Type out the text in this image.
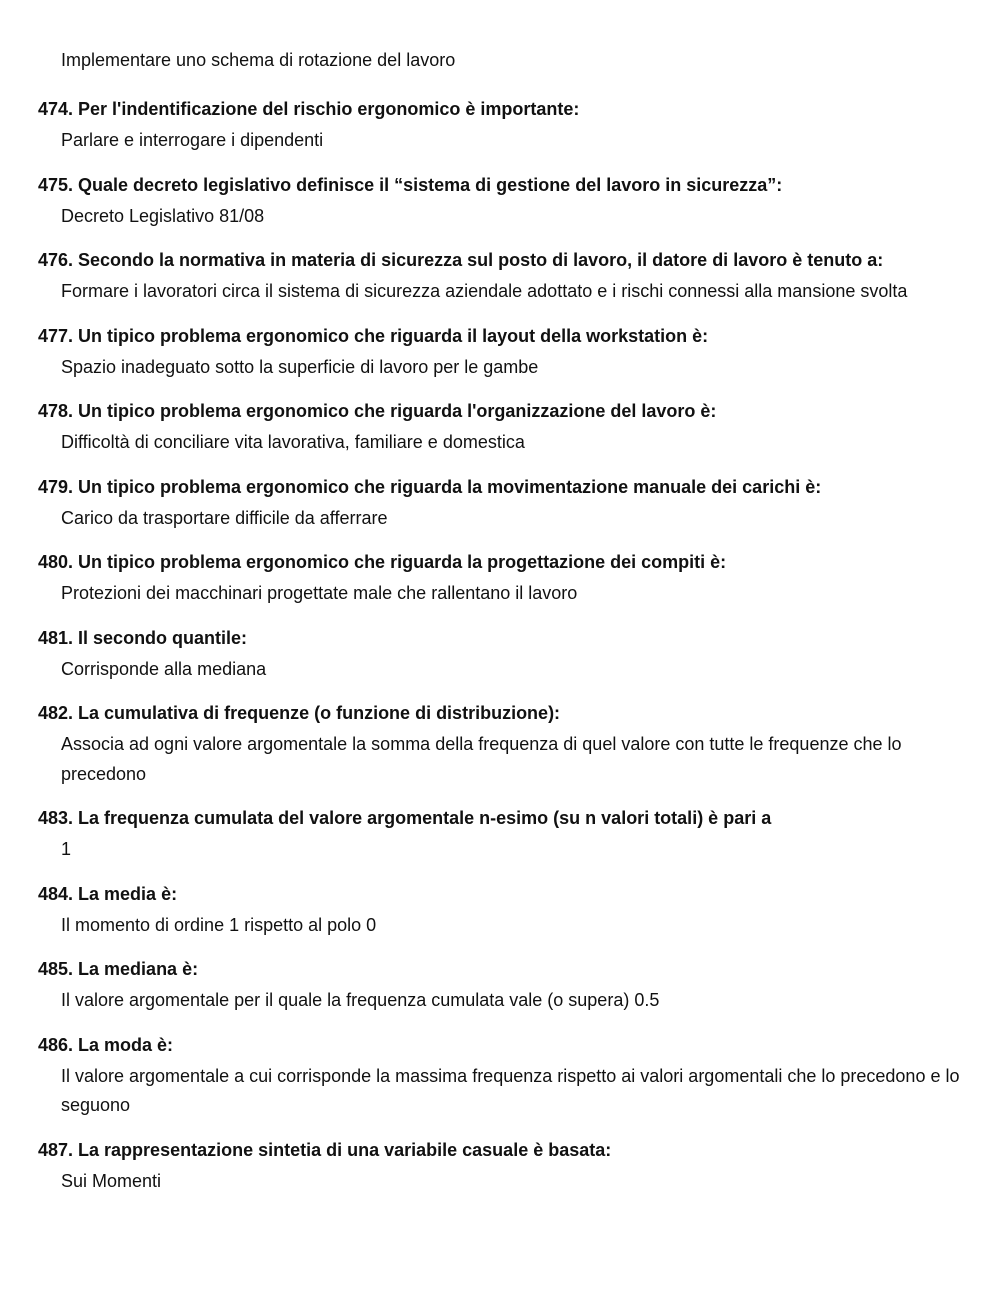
Implementare uno schema di rotazione del lavoro

474. Per l'indentificazione del rischio ergonomico è importante:
Parlare e interrogare i dipendenti
475. Quale decreto legislativo definisce il “sistema di gestione del lavoro in sicurezza”:
Decreto Legislativo 81/08
476. Secondo la normativa in materia di sicurezza sul posto di lavoro, il datore di lavoro è tenuto a:
Formare i lavoratori circa il sistema di sicurezza aziendale adottato e i rischi connessi alla mansione svolta
477. Un tipico problema ergonomico che riguarda il layout della workstation è:
Spazio inadeguato sotto la superficie di lavoro per le gambe
478. Un tipico problema ergonomico che riguarda l'organizzazione del lavoro è:
Difficoltà di conciliare vita lavorativa, familiare e domestica
479. Un tipico problema ergonomico che riguarda la movimentazione manuale dei carichi è:
Carico da trasportare difficile da afferrare
480. Un tipico problema ergonomico che riguarda la progettazione dei compiti è:
Protezioni dei macchinari progettate male che rallentano il lavoro
481. Il secondo quantile:
Corrisponde alla mediana
482. La cumulativa di frequenze (o funzione di distribuzione):
Associa ad ogni valore argomentale la somma della frequenza di quel valore con tutte le frequenze che lo precedono
483. La frequenza cumulata del valore argomentale n-esimo (su n valori totali) è pari a
1
484. La media è:
Il momento di ordine 1 rispetto al polo 0
485. La mediana è:
Il valore argomentale per il quale la frequenza cumulata vale (o supera) 0.5
486. La moda è:
Il valore argomentale a cui corrisponde la massima frequenza rispetto ai valori argomentali che lo precedono e lo seguono
487. La rappresentazione sintetia di una variabile casuale è basata:
Sui Momenti
